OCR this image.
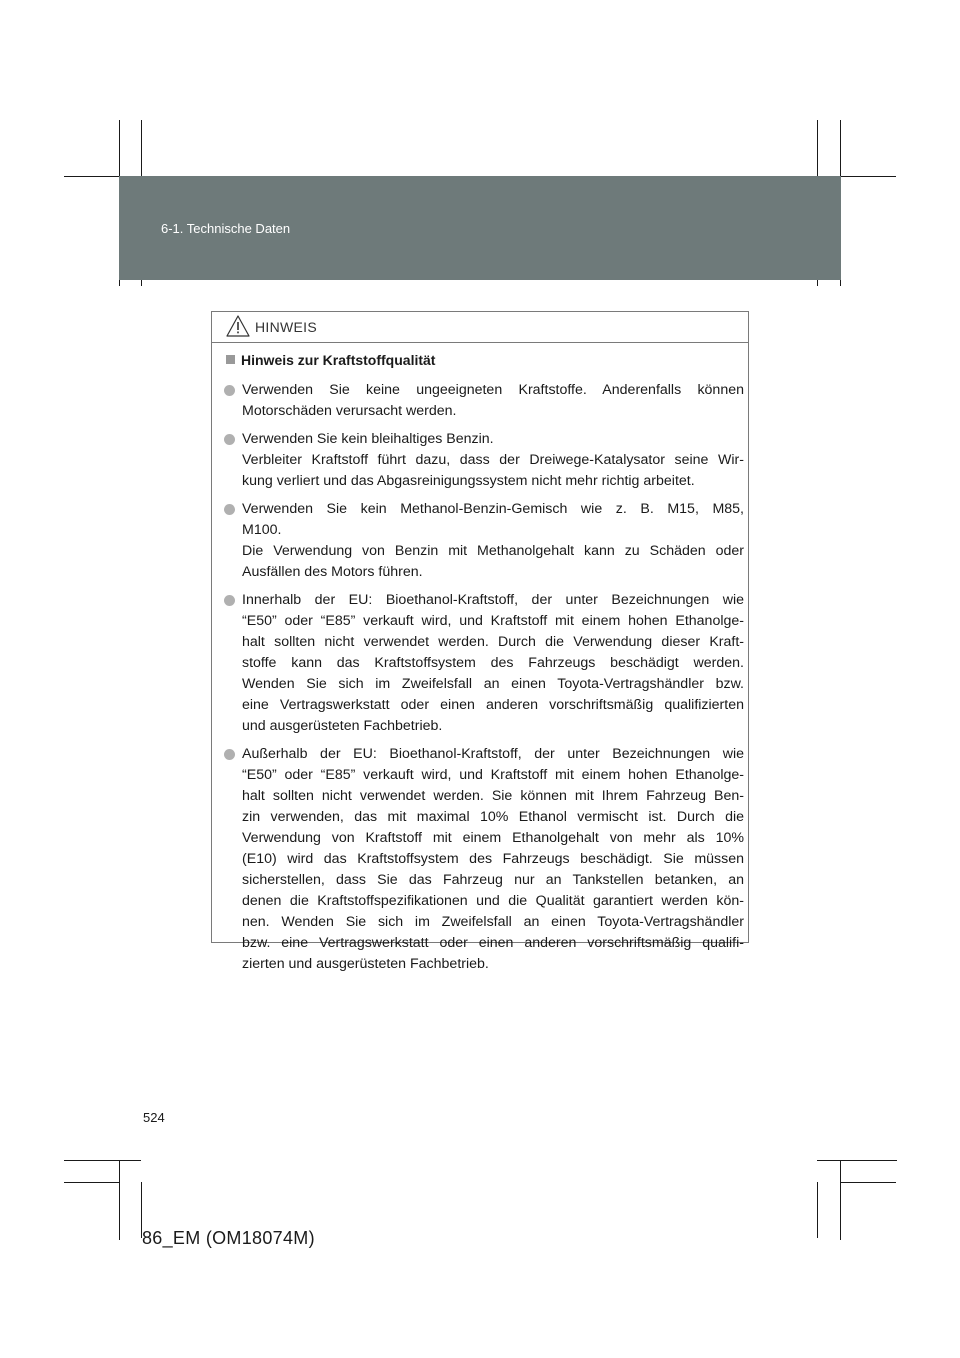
6-1. Technische Daten
HINWEIS
Hinweis zur Kraftstoffqualität
Verwenden Sie keine ungeeigneten Kraftstoffe. Anderenfalls können
Motorschäden verursacht werden.
Verwenden Sie kein bleihaltiges Benzin.
Verbleiter Kraftstoff führt dazu, dass der Dreiwege-Katalysator seine Wir-
kung verliert und das Abgasreinigungssystem nicht mehr richtig arbeitet.
Verwenden Sie kein Methanol-Benzin-Gemisch wie z. B. M15, M85,
M100.
Die Verwendung von Benzin mit Methanolgehalt kann zu Schäden oder
Ausfällen des Motors führen.
Innerhalb der EU: Bioethanol-Kraftstoff, der unter Bezeichnungen wie
“E50” oder “E85” verkauft wird, und Kraftstoff mit einem hohen Ethanolge-
halt sollten nicht verwendet werden. Durch die Verwendung dieser Kraft-
stoffe kann das Kraftstoffsystem des Fahrzeugs beschädigt werden.
Wenden Sie sich im Zweifelsfall an einen Toyota-Vertragshändler bzw.
eine Vertragswerkstatt oder einen anderen vorschriftsmäßig qualifizierten
und ausgerüsteten Fachbetrieb.
Außerhalb der EU: Bioethanol-Kraftstoff, der unter Bezeichnungen wie
“E50” oder “E85” verkauft wird, und Kraftstoff mit einem hohen Ethanolge-
halt sollten nicht verwendet werden. Sie können mit Ihrem Fahrzeug Ben-
zin verwenden, das mit maximal 10% Ethanol vermischt ist. Durch die
Verwendung von Kraftstoff mit einem Ethanolgehalt von mehr als 10%
(E10) wird das Kraftstoffsystem des Fahrzeugs beschädigt. Sie müssen
sicherstellen, dass Sie das Fahrzeug nur an Tankstellen betanken, an
denen die Kraftstoffspezifikationen und die Qualität garantiert werden kön-
nen. Wenden Sie sich im Zweifelsfall an einen Toyota-Vertragshändler
bzw. eine Vertragswerkstatt oder einen anderen vorschriftsmäßig qualifi-
zierten und ausgerüsteten Fachbetrieb.
524
86_EM (OM18074M)
